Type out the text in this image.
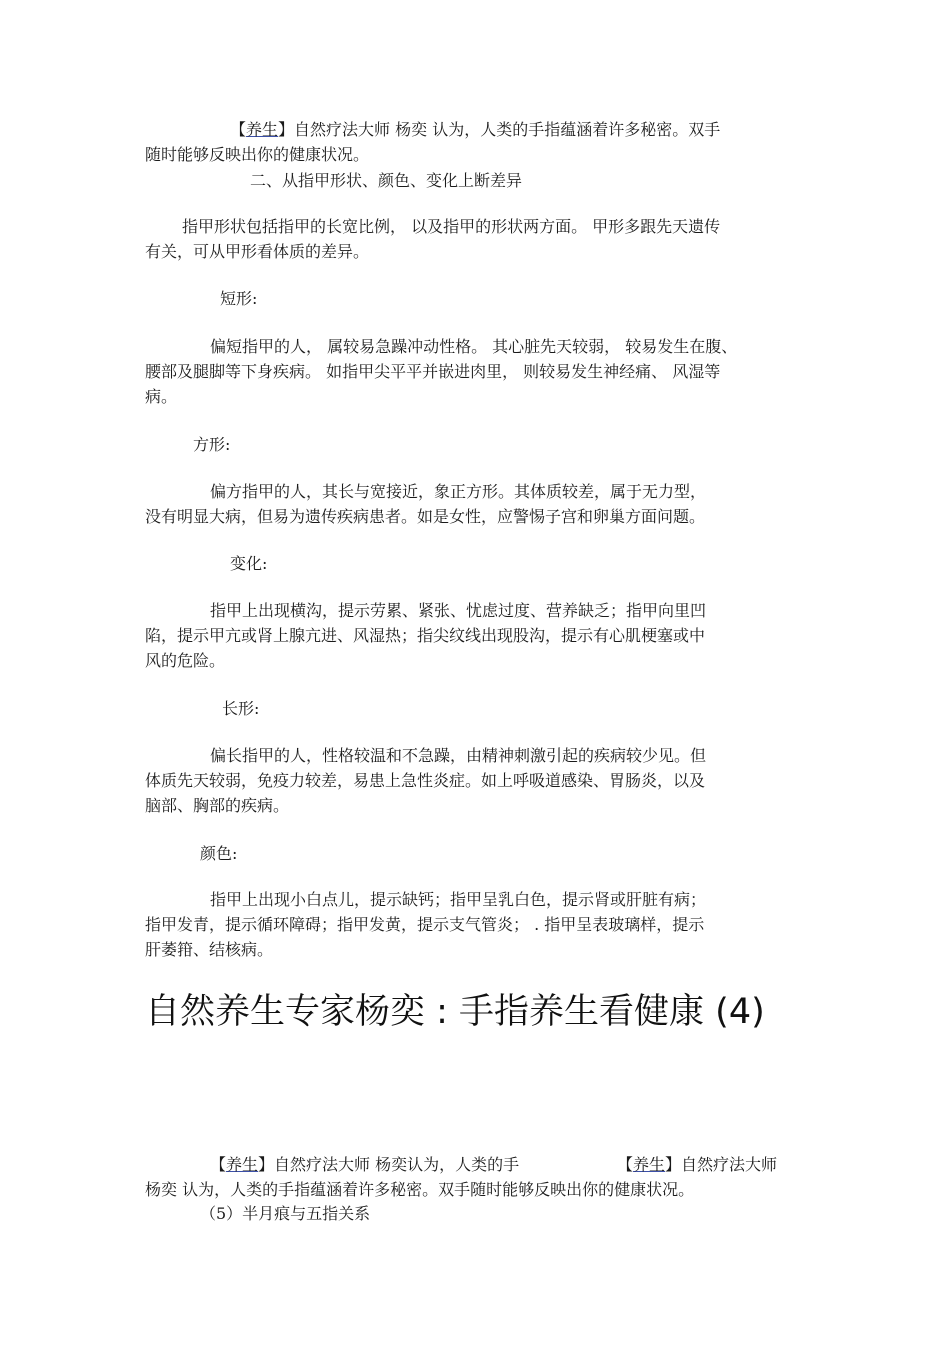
【养生】自然疗法大师 杨奕 认为，人类的手指蕴涵着许多秘密。双手
随时能够反映出你的健康状况。
二、从指甲形状、颜色、变化上断差异
指甲形状包括指甲的长宽比例， 以及指甲的形状两方面。 甲形多跟先天遗传
有关，可从甲形看体质的差异。
短形:
偏短指甲的人， 属较易急躁冲动性格。 其心脏先天较弱， 较易发生在腹、
腰部及腿脚等下身疾病。 如指甲尖平平并嵌进肉里， 则较易发生神经痛、 风湿等
病。
方形:
偏方指甲的人，其长与宽接近，象正方形。其体质较差，属于无力型，
没有明显大病，但易为遗传疾病患者。如是女性，应警惕子宫和卵巢方面问题。
变化:
指甲上出现横沟，提示劳累、紧张、忧虑过度、营养缺乏；指甲向里凹
陷，提示甲亢或肾上腺亢进、风湿热；指尖纹线出现股沟，提示有心肌梗塞或中
风的危险。
长形:
偏长指甲的人，性格较温和不急躁，由精神刺激引起的疾病较少见。但
体质先天较弱，免疫力较差，易患上急性炎症。如上呼吸道感染、胃肠炎，以及
脑部、胸部的疾病。
颜色:
指甲上出现小白点儿，提示缺钙；指甲呈乳白色，提示肾或肝脏有病；
指甲发青，提示循环障碍；指甲发黄，提示支气管炎； . 指甲呈表玻璃样，提示
肝萎箝、结核病。
自然养生专家杨奕 : 手指养生看健康 (4)
【养生】自然疗法大师 杨奕认为，人类的手	【养生】自然疗法大师
杨奕 认为，人类的手指蕴涵着许多秘密。双手随时能够反映出你的健康状况。
（5）半月痕与五指关系
